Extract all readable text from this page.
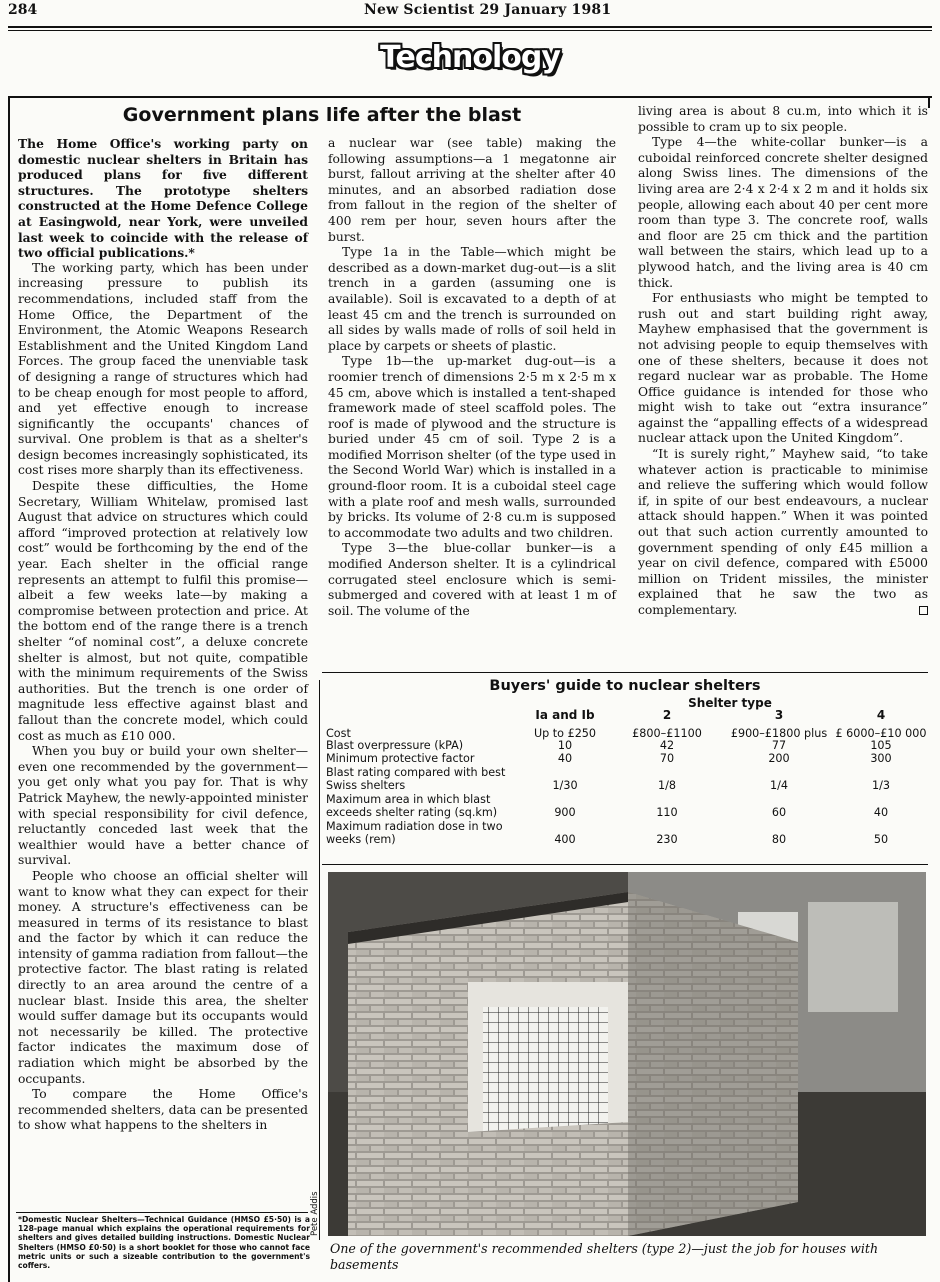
284	New Scientist 29 January 1981
Technology
Government plans life after the blast

The Home Office's working party on domestic nuclear shelters in Britain has produced plans for five different structures. The prototype shelters constructed at the Home Defence College at Easingwold, near York, were unveiled last week to coincide with the release of two official publications.*

The working party, which has been under increasing pressure to publish its recommendations, included staff from the Home Office, the Department of the Environment, the Atomic Weapons Research Establishment and the United Kingdom Land Forces. The group faced the unenviable task of designing a range of structures which had to be cheap enough for most people to afford, and yet effective enough to increase significantly the occupants' chances of survival. One problem is that as a shelter's design becomes increasingly sophisticated, its cost rises more sharply than its effectiveness.

Despite these difficulties, the Home Secretary, William Whitelaw, promised last August that advice on structures which could afford “improved protection at relatively low cost” would be forthcoming by the end of the year. Each shelter in the official range represents an attempt to fulfil this promise—albeit a few weeks late—by making a compromise between protection and price. At the bottom end of the range there is a trench shelter “of nominal cost”, a deluxe concrete shelter is almost, but not quite, compatible with the minimum requirements of the Swiss authorities. But the trench is one order of magnitude less effective against blast and fallout than the concrete model, which could cost as much as £10 000.

When you buy or build your own shelter—even one recommended by the government—you get only what you pay for. That is why Patrick Mayhew, the newly-appointed minister with special responsibility for civil defence, reluctantly conceded last week that the wealthier would have a better chance of survival.

People who choose an official shelter will want to know what they can expect for their money. A structure's effectiveness can be measured in terms of its resistance to blast and the factor by which it can reduce the intensity of gamma radiation from fallout—the protective factor. The blast rating is related directly to an area around the centre of a nuclear blast. Inside this area, the shelter would suffer damage but its occupants would not necessarily be killed. The protective factor indicates the maximum dose of radiation which might be absorbed by the occupants.

To compare the Home Office's recommended shelters, data can be presented to show what happens to the shelters in

a nuclear war (see table) making the following assumptions—a 1 megatonne air burst, fallout arriving at the shelter after 40 minutes, and an absorbed radiation dose from fallout in the region of the shelter of 400 rem per hour, seven hours after the burst.

Type 1a in the Table—which might be described as a down-market dug-out—is a slit trench in a garden (assuming one is available). Soil is excavated to a depth of at least 45 cm and the trench is surrounded on all sides by walls made of rolls of soil held in place by carpets or sheets of plastic.

Type 1b—the up-market dug-out—is a roomier trench of dimensions 2·5 m x 2·5 m x 45 cm, above which is installed a tent-shaped framework made of steel scaffold poles. The roof is made of plywood and the structure is buried under 45 cm of soil. Type 2 is a modified Morrison shelter (of the type used in the Second World War) which is installed in a ground-floor room. It is a cuboidal steel cage with a plate roof and mesh walls, surrounded by bricks. Its volume of 2·8 cu.m is supposed to accommodate two adults and two children.

Type 3—the blue-collar bunker—is a modified Anderson shelter. It is a cylindrical corrugated steel enclosure which is semi-submerged and covered with at least 1 m of soil. The volume of the

living area is about 8 cu.m, into which it is possible to cram up to six people.

Type 4—the white-collar bunker—is a cuboidal reinforced concrete shelter designed along Swiss lines. The dimensions of the living area are 2·4 x 2·4 x 2 m and it holds six people, allowing each about 40 per cent more room than type 3. The concrete roof, walls and floor are 25 cm thick and the partition wall between the stairs, which lead up to a plywood hatch, and the living area is 40 cm thick.

For enthusiasts who might be tempted to rush out and start building right away, Mayhew emphasised that the government is not advising people to equip themselves with one of these shelters, because it does not regard nuclear war as probable. The Home Office guidance is intended for those who might wish to take out “extra insurance” against the “appalling effects of a widespread nuclear attack upon the United Kingdom”.

“It is surely right,” Mayhew said, “to take whatever action is practicable to minimise and relieve the suffering which would follow if, in spite of our best endeavours, a nuclear attack should happen.” When it was pointed out that such action currently amounted to government spending of only £45 million a year on civil defence, compared with £5000 million on Trident missiles, the minister explained that he saw the two as complementary.

*Domestic Nuclear Shelters—Technical Guidance (HMSO £5·50) is a 128-page manual which explains the operational requirements for shelters and gives detailed building instructions. Domestic Nuclear Shelters (HMSO £0·50) is a short booklet for those who cannot face metric units or such a sizeable contribution to the government's coffers.
Buyers' guide to nuclear shelters
Shelter type
	Ia and Ib	2	3	4
Cost	Up to £250	£800–£1100	£900–£1800 plus	£ 6000–£10 000
Blast overpressure (kPA)	10	42	77	105
Minimum protective factor	40	70	200	300
Blast rating compared with best Swiss shelters	1/30	1/8	1/4	1/3
Maximum area in which blast exceeds shelter rating (sq.km)	900	110	60	40
Maximum radiation dose in two weeks (rem)	400	230	80	50
Pete Addis
One of the government's recommended shelters (type 2)—just the job for houses with basements
